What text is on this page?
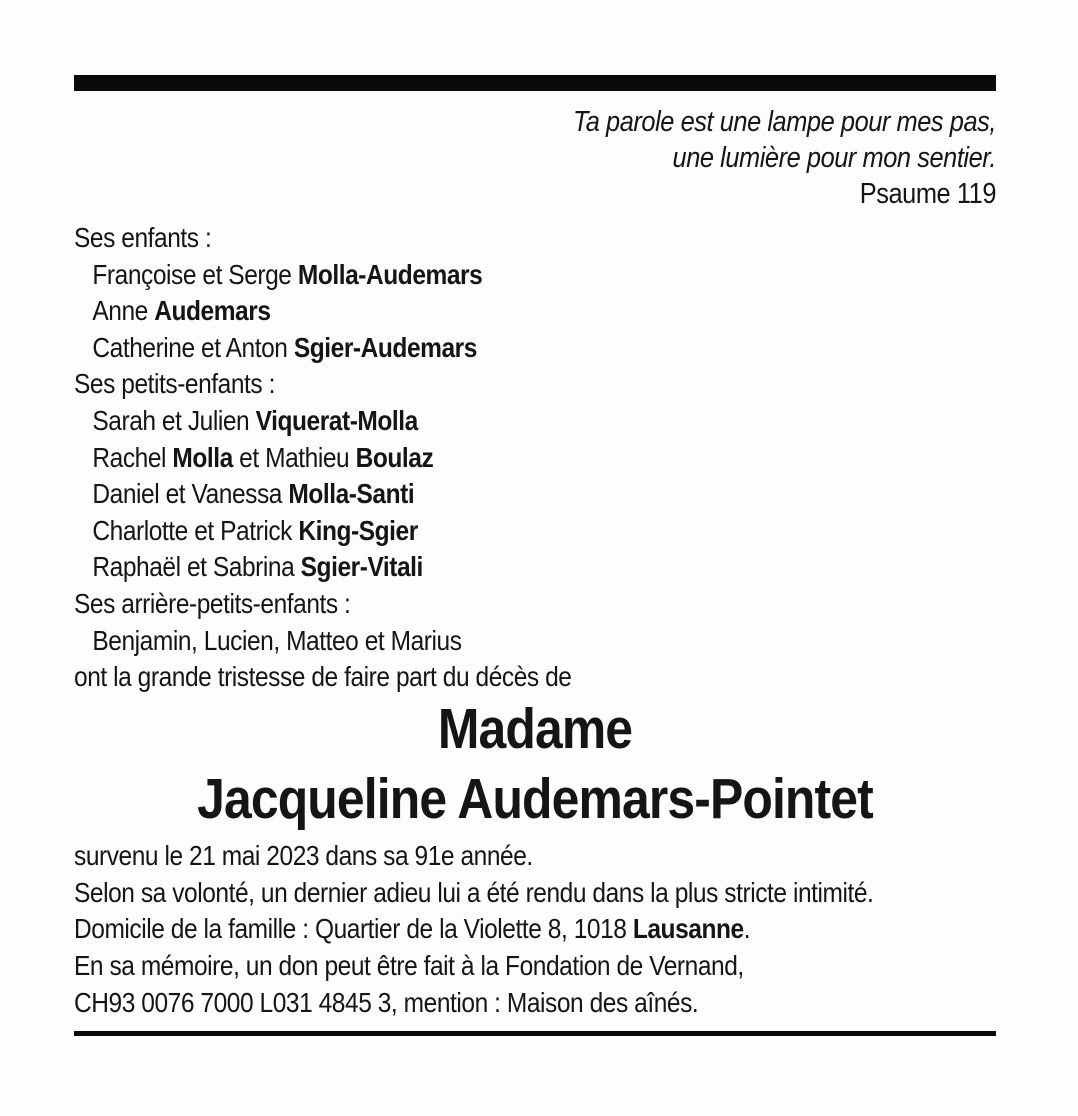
Ta parole est une lampe pour mes pas,
une lumière pour mon sentier.
Psaume 119
Ses enfants :
Françoise et Serge Molla-Audemars
Anne Audemars
Catherine et Anton Sgier-Audemars
Ses petits-enfants :
Sarah et Julien Viquerat-Molla
Rachel Molla et Mathieu Boulaz
Daniel et Vanessa Molla-Santi
Charlotte et Patrick King-Sgier
Raphaël et Sabrina Sgier-Vitali
Ses arrière-petits-enfants :
Benjamin, Lucien, Matteo et Marius
ont la grande tristesse de faire part du décès de
Madame
Jacqueline Audemars-Pointet
survenu le 21 mai 2023 dans sa 91e année.
Selon sa volonté, un dernier adieu lui a été rendu dans la plus stricte intimité.
Domicile de la famille : Quartier de la Violette 8, 1018 Lausanne.
En sa mémoire, un don peut être fait à la Fondation de Vernand,
CH93 0076 7000 L031 4845 3, mention : Maison des aînés.
